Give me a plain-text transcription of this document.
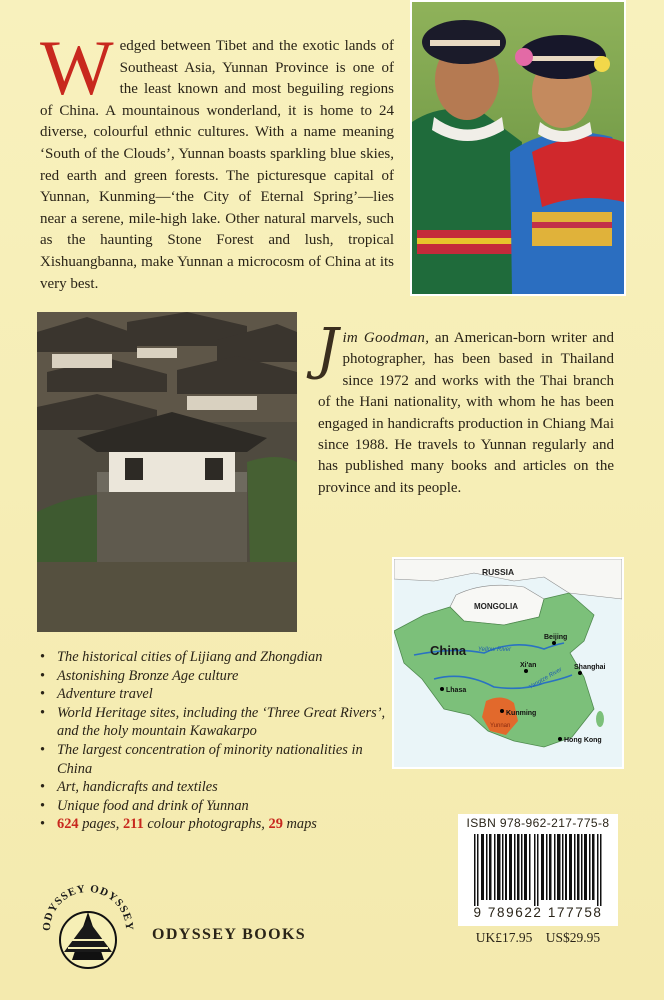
Wedged between Tibet and the exotic lands of Southeast Asia, Yunnan Province is one of the least known and most beguiling regions of China. A mountainous wonderland, it is home to 24 diverse, colourful ethnic cultures. With a name meaning ‘South of the Clouds’, Yunnan boasts sparkling blue skies, red earth and green forests. The picturesque capital of Yunnan, Kunming—‘the City of Eternal Spring’—lies near a serene, mile-high lake. Other natural marvels, such as the haunting Stone Forest and lush, tropical Xishuangbanna, make Yunnan a microcosm of China at its very best.
Jim Goodman, an American-born writer and photographer, has been based in Thailand since 1972 and works with the Thai branch of the Hani nationality, with whom he has been engaged in handicrafts production in Chiang Mai since 1988. He travels to Yunnan regularly and has published many books and articles on the province and its people.
RUSSIA
MONGOLIA
China Yellow River
Yangtze River
Beijing
Xi'an	Shanghai
Lhasa
Kunming
Yunnan
Hong Kong
• The historical cities of Lijiang and Zhongdian
• Astonishing Bronze Age culture
• Adventure travel
• World Heritage sites, including the ‘Three Great Rivers’, and the holy mountain Kawakarpo
• The largest concentration of minority nationalities in China
• Art, handicrafts and textiles
• Unique food and drink of Yunnan
• 624 pages, 211 colour photographs, 29 maps	ISBN 978-962-217-775-8
9 789622 177758
UK£17.95 US$29.95
ODYSSEY ODYSSEY ODYSSEY BOOKS
